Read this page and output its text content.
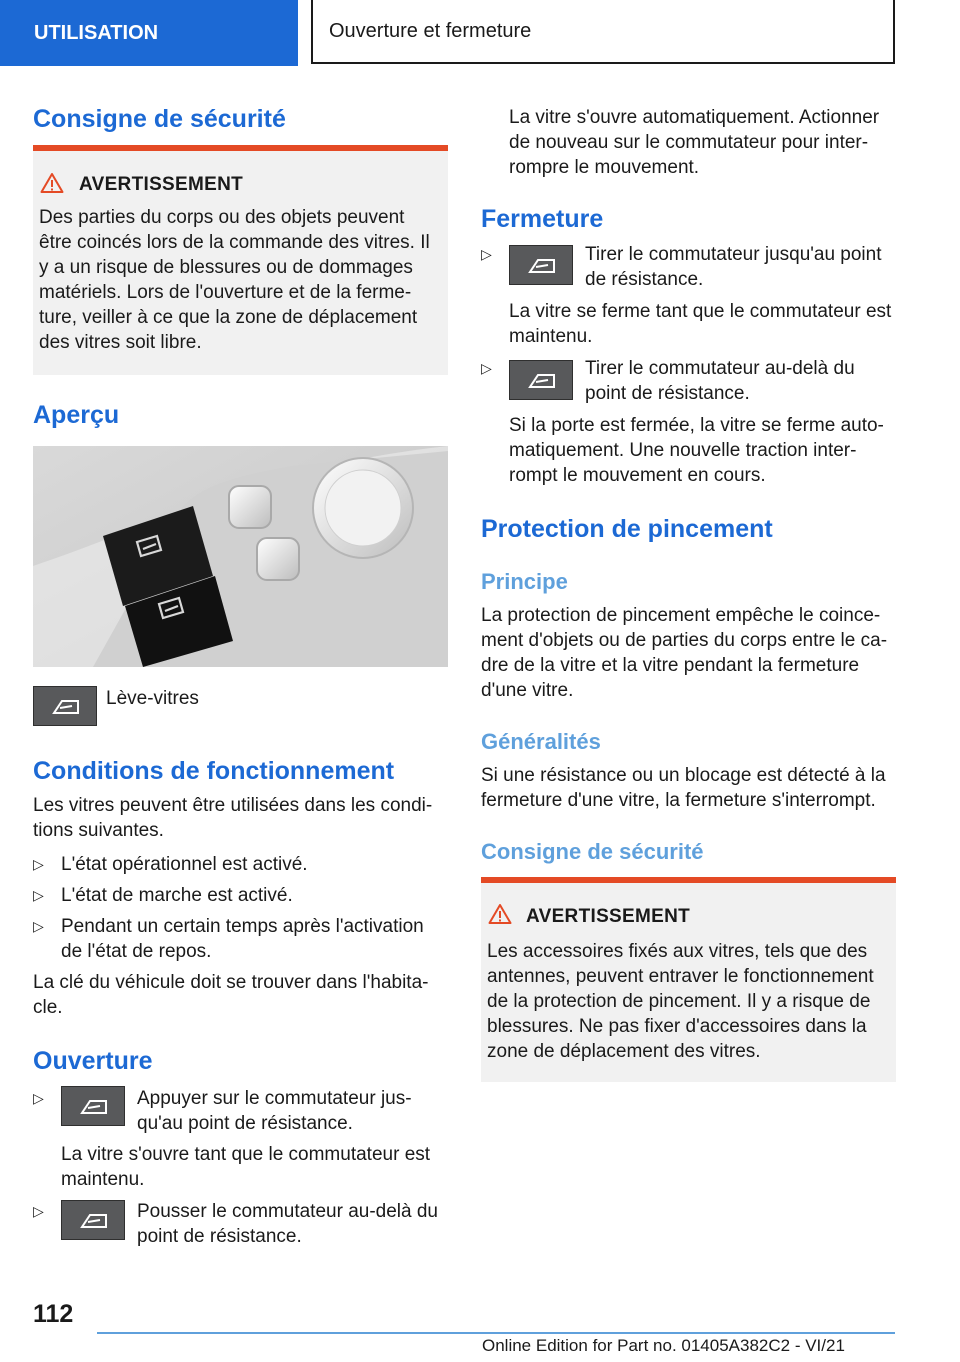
UTILISATION	Ouverture et fermeture
Consigne de sécurité
AVERTISSEMENT

Des parties du corps ou des objets peuvent

être coincés lors de la commande des vitres. Il

y a un risque de blessures ou de dommages

matériels. Lors de l'ouverture et de la ferme-

ture, veiller à ce que la zone de déplacement

des vitres soit libre.

Aperçu

Lève-vitres

Conditions de fonctionnement

Les vitres peuvent être utilisées dans les condi-

tions suivantes.

▷ L'état opérationnel est activé.

▷ L'état de marche est activé.

▷ Pendant un certain temps après l'activation

de l'état de repos.

La clé du véhicule doit se trouver dans l'habita-

cle.

Ouverture
▷	Appuyer sur le commutateur jus-

qu'au point de résistance.

La vitre s'ouvre tant que le commutateur est

maintenu.

▷	Pousser le commutateur au-delà du

point de résistance.

La vitre s'ouvre automatiquement. Actionner

de nouveau sur le commutateur pour inter-

rompre le mouvement.

Fermeture
▷	Tirer le commutateur jusqu'au point

de résistance.

La vitre se ferme tant que le commutateur est

maintenu.

▷	Tirer le commutateur au-delà du

point de résistance.

Si la porte est fermée, la vitre se ferme auto-

matiquement. Une nouvelle traction inter-

rompt le mouvement en cours.

Protection de pincement
Principe

La protection de pincement empêche le coince-

ment d'objets ou de parties du corps entre le ca-

dre de la vitre et la vitre pendant la fermeture

d'une vitre.

Généralités

Si une résistance ou un blocage est détecté à la

fermeture d'une vitre, la fermeture s'interrompt.

Consigne de sécurité
AVERTISSEMENT

Les accessoires fixés aux vitres, tels que des

antennes, peuvent entraver le fonctionnement

de la protection de pincement. Il y a risque de

blessures. Ne pas fixer d'accessoires dans la

zone de déplacement des vitres.

112
Online Edition for Part no. 01405A382C2 - VI/21
